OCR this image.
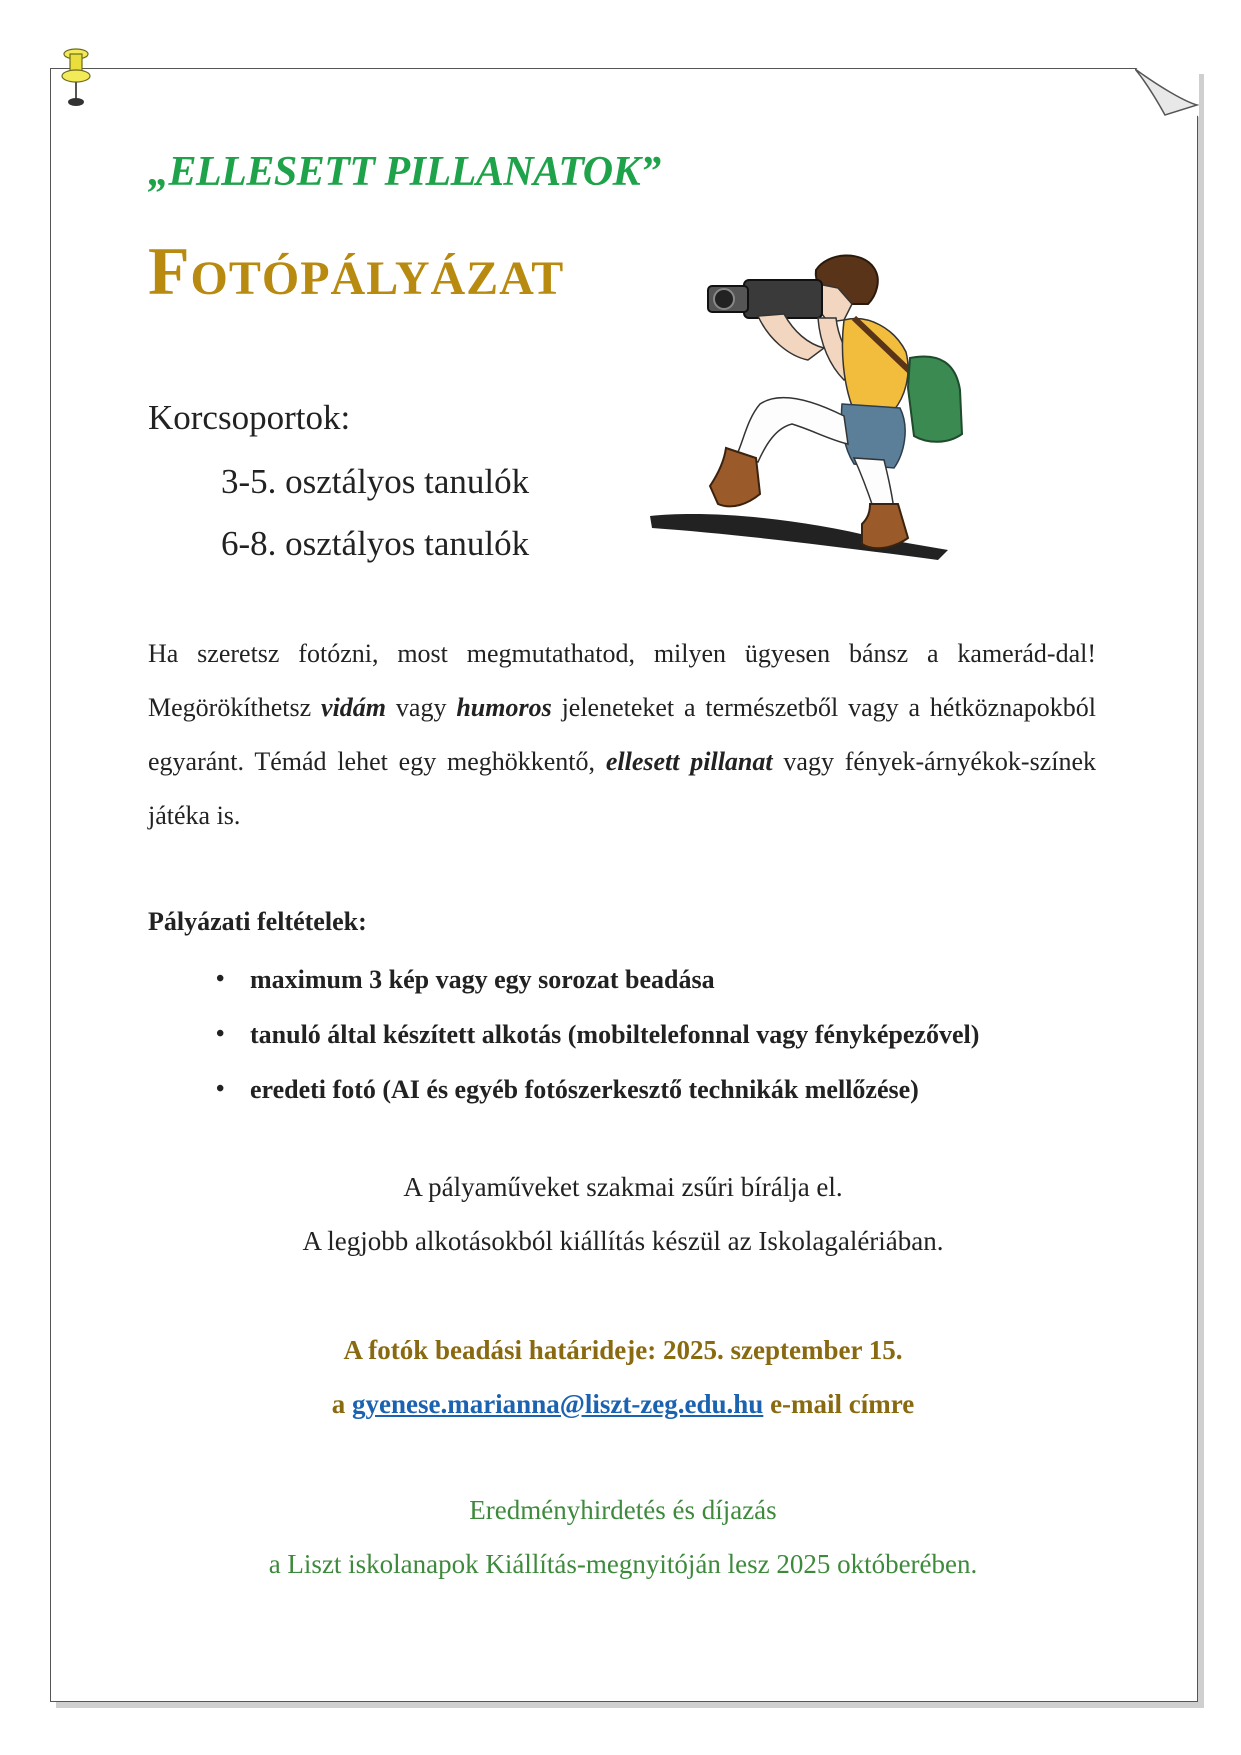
„ELLESETT PILLANATOK”
Fotópályázat
Korcsoportok:
3-5. osztályos tanulók
6-8. osztályos tanulók
Ha szeretsz fotózni, most megmutathatod, milyen ügyesen bánsz a kamerád-dal! Megörökíthetsz vidám vagy humoros jeleneteket a természetből vagy a hétköznapokból egyaránt. Témád lehet egy meghökkentő, ellesett pillanat vagy fények-árnyékok-színek játéka is.
Pályázati feltételek:
• maximum 3 kép vagy egy sorozat beadása
• tanuló által készített alkotás (mobiltelefonnal vagy fényképezővel)
• eredeti fotó (AI és egyéb fotószerkesztő technikák mellőzése)
A pályaműveket szakmai zsűri bírálja el.
A legjobb alkotásokból kiállítás készül az Iskolagalériában.
A fotók beadási határideje: 2025. szeptember 15.
a gyenese.marianna@liszt-zeg.edu.hu e-mail címre
Eredményhirdetés és díjazás
a Liszt iskolanapok Kiállítás-megnyitóján lesz 2025 októberében.
